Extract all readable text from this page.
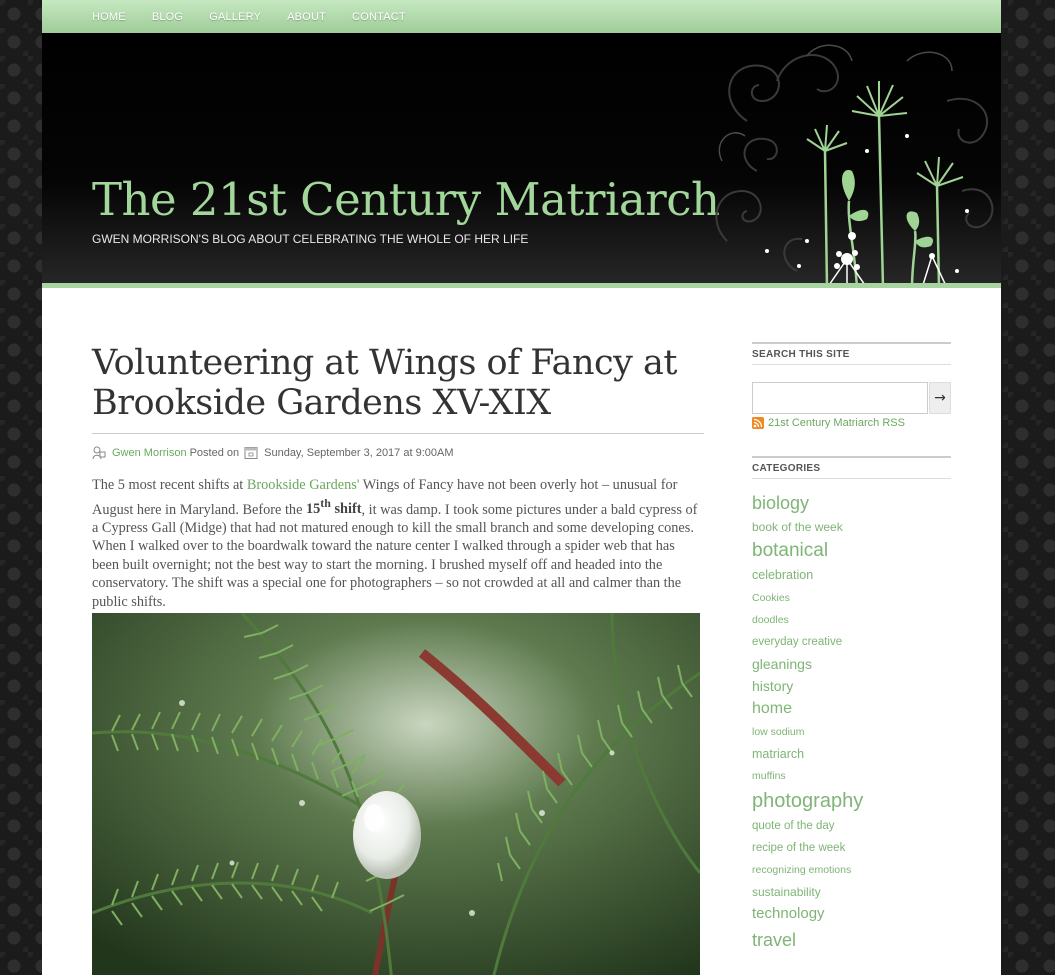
HOME BLOG GALLERY ABOUT CONTACT
The 21st Century Matriarch
GWEN MORRISON'S BLOG ABOUT CELEBRATING THE WHOLE OF HER LIFE
Volunteering at Wings of Fancy at
Brookside Gardens XV-XIX
Gwen Morrison Posted on Sunday, September 3, 2017 at 9:00AM
The 5 most recent shifts at Brookside Gardens' Wings of Fancy have not been overly hot – unusual for August here in Maryland. Before the 15th shift, it was damp. I took some pictures under a bald cypress of a Cypress Gall (Midge) that had not matured enough to kill the small branch and some developing cones. When I walked over to the boardwalk toward the nature center I walked through a spider web that has been built overnight; not the best way to start the morning. I brushed myself off and headed into the conservatory. The shift was a special one for photographers – so not crowded at all and calmer than the public shifts.
SEARCH THIS SITE
→
21st Century Matriarch RSS
CATEGORIES
biology
book of the week
botanical
celebration
Cookies
doodles
everyday creative
gleanings
history
home
low sodium
matriarch
muffins
photography
quote of the day
recipe of the week
recognizing emotions
sustainability
technology
travel
